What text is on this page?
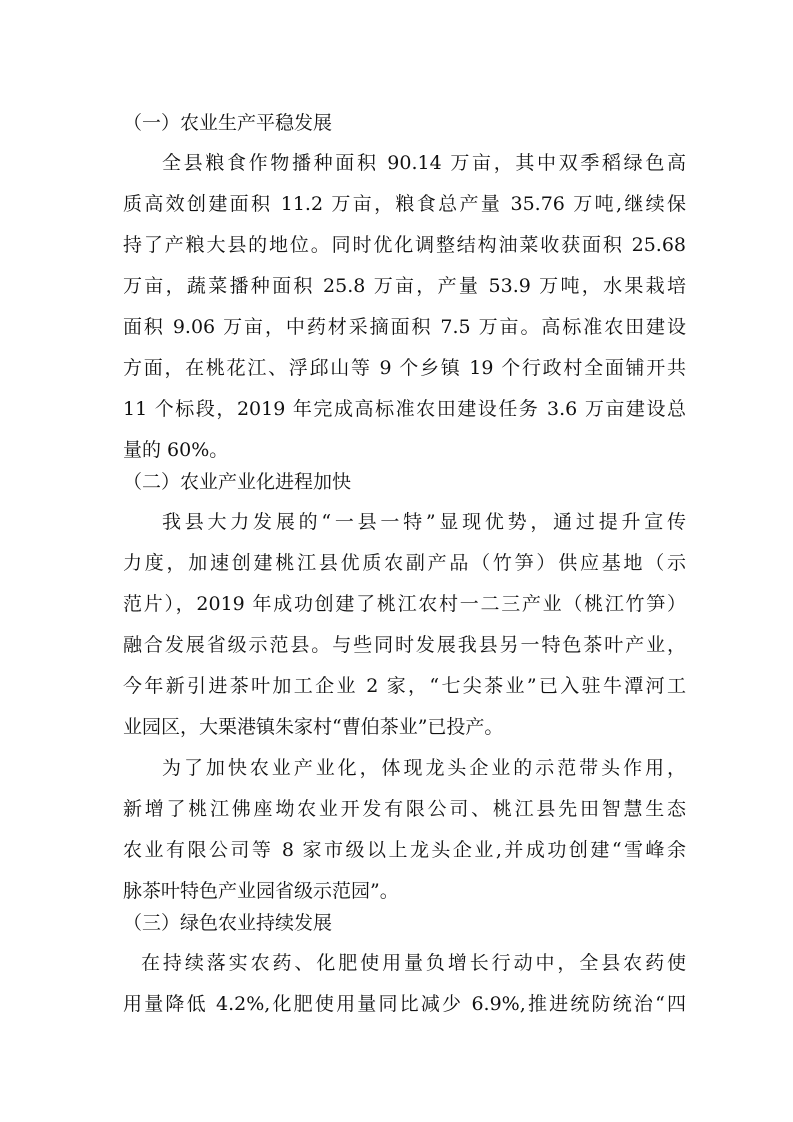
（一）农业生产平稳发展
全县粮食作物播种面积 90.14 万亩，其中双季稻绿色高
质高效创建面积 11.2 万亩，粮食总产量 35.76 万吨,继续保
持了产粮大县的地位。同时优化调整结构油菜收获面积 25.68
万亩，蔬菜播种面积 25.8 万亩，产量 53.9 万吨，水果栽培
面积 9.06 万亩，中药材采摘面积 7.5 万亩。高标准农田建设
方面，在桃花江、浮邱山等 9 个乡镇 19 个行政村全面铺开共
11 个标段，2019 年完成高标准农田建设任务 3.6 万亩建设总
量的 60%。
（二）农业产业化进程加快
我县大力发展的“一县一特”显现优势，通过提升宣传
力度，加速创建桃江县优质农副产品（竹笋）供应基地（示
范片），2019 年成功创建了桃江农村一二三产业（桃江竹笋）
融合发展省级示范县。与些同时发展我县另一特色茶叶产业，
今年新引进茶叶加工企业 2 家，“七尖茶业”已入驻牛潭河工
业园区，大栗港镇朱家村“曹伯茶业”已投产。
为了加快农业产业化，体现龙头企业的示范带头作用，
新增了桃江佛座坳农业开发有限公司、桃江县先田智慧生态
农业有限公司等 8 家市级以上龙头企业,并成功创建“雪峰余
脉茶叶特色产业园省级示范园”。
（三）绿色农业持续发展
在持续落实农药、化肥使用量负增长行动中，全县农药使
用量降低 4.2%,化肥使用量同比减少 6.9%,推进统防统治“四
